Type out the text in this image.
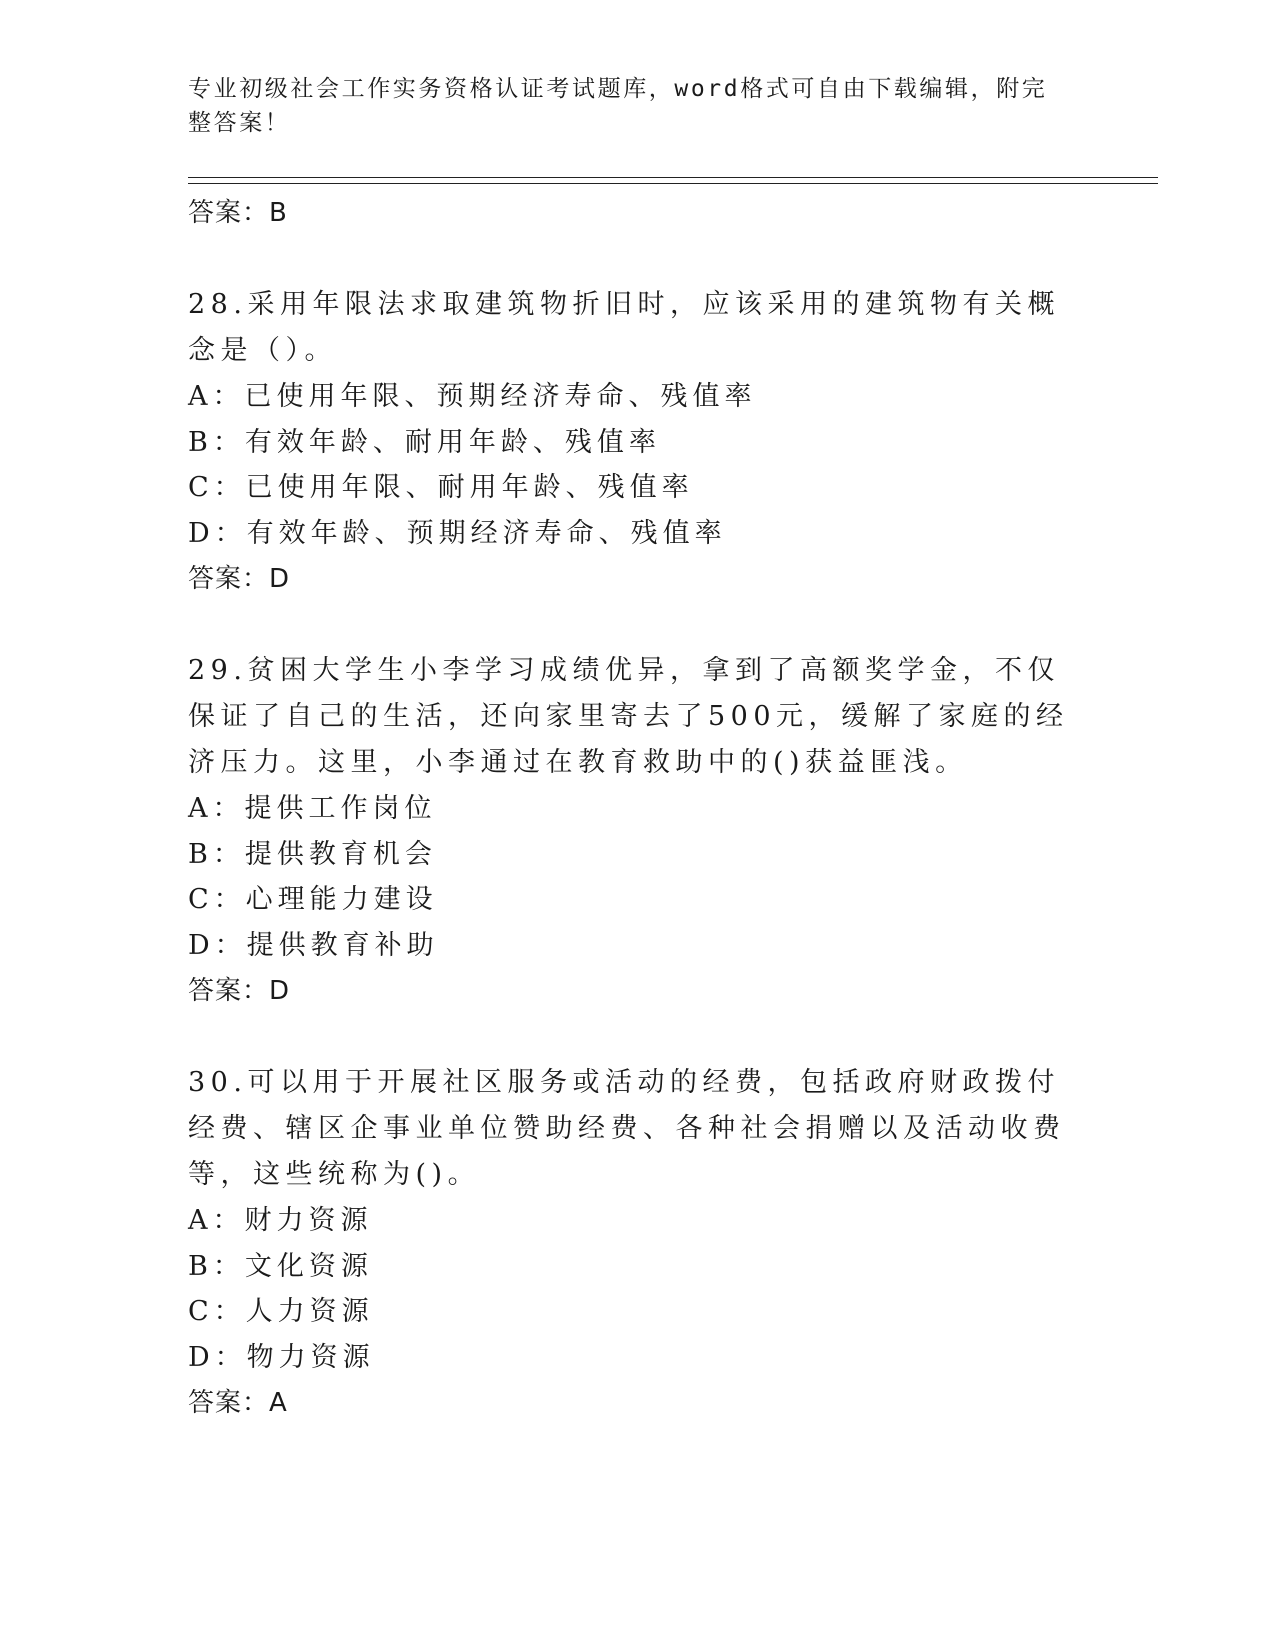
专业初级社会工作实务资格认证考试题库，word格式可自由下载编辑，附完整答案！
答案：B
28.采用年限法求取建筑物折旧时，应该采用的建筑物有关概念是（）。
A：已使用年限、预期经济寿命、残值率
B：有效年龄、耐用年龄、残值率
C：已使用年限、耐用年龄、残值率
D：有效年龄、预期经济寿命、残值率
答案：D
29.贫困大学生小李学习成绩优异，拿到了高额奖学金，不仅保证了自己的生活，还向家里寄去了500元，缓解了家庭的经济压力。这里，小李通过在教育救助中的()获益匪浅。
A：提供工作岗位
B：提供教育机会
C：心理能力建设
D：提供教育补助
答案：D
30.可以用于开展社区服务或活动的经费，包括政府财政拨付经费、辖区企事业单位赞助经费、各种社会捐赠以及活动收费等，这些统称为()。
A：财力资源
B：文化资源
C：人力资源
D：物力资源
答案：A
